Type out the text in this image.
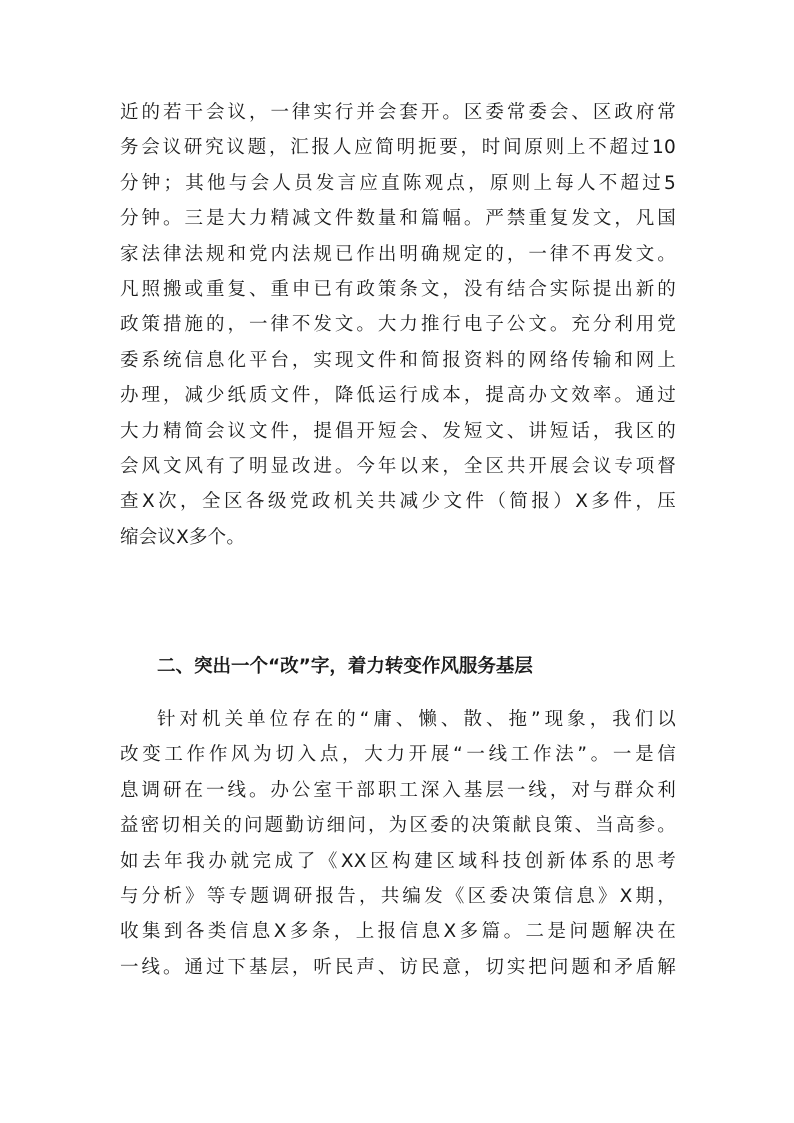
近的若干会议，一律实行并会套开。区委常委会、区政府常
务会议研究议题，汇报人应简明扼要，时间原则上不超过10
分钟；其他与会人员发言应直陈观点，原则上每人不超过5
分钟。三是大力精减文件数量和篇幅。严禁重复发文，凡国
家法律法规和党内法规已作出明确规定的，一律不再发文。
凡照搬或重复、重申已有政策条文，没有结合实际提出新的
政策措施的，一律不发文。大力推行电子公文。充分利用党
委系统信息化平台，实现文件和简报资料的网络传输和网上
办理，减少纸质文件，降低运行成本，提高办文效率。通过
大力精简会议文件，提倡开短会、发短文、讲短话，我区的
会风文风有了明显改进。今年以来，全区共开展会议专项督
查X次，全区各级党政机关共减少文件（简报）X多件，压
缩会议X多个。
二、突出一个“改”字，着力转变作风服务基层
针对机关单位存在的“庸、懒、散、拖”现象，我们以
改变工作作风为切入点，大力开展“一线工作法”。一是信
息调研在一线。办公室干部职工深入基层一线，对与群众利
益密切相关的问题勤访细问，为区委的决策献良策、当高参。
如去年我办就完成了《XX区构建区域科技创新体系的思考
与分析》等专题调研报告，共编发《区委决策信息》X期，
收集到各类信息X多条，上报信息X多篇。二是问题解决在
一线。通过下基层，听民声、访民意，切实把问题和矛盾解
